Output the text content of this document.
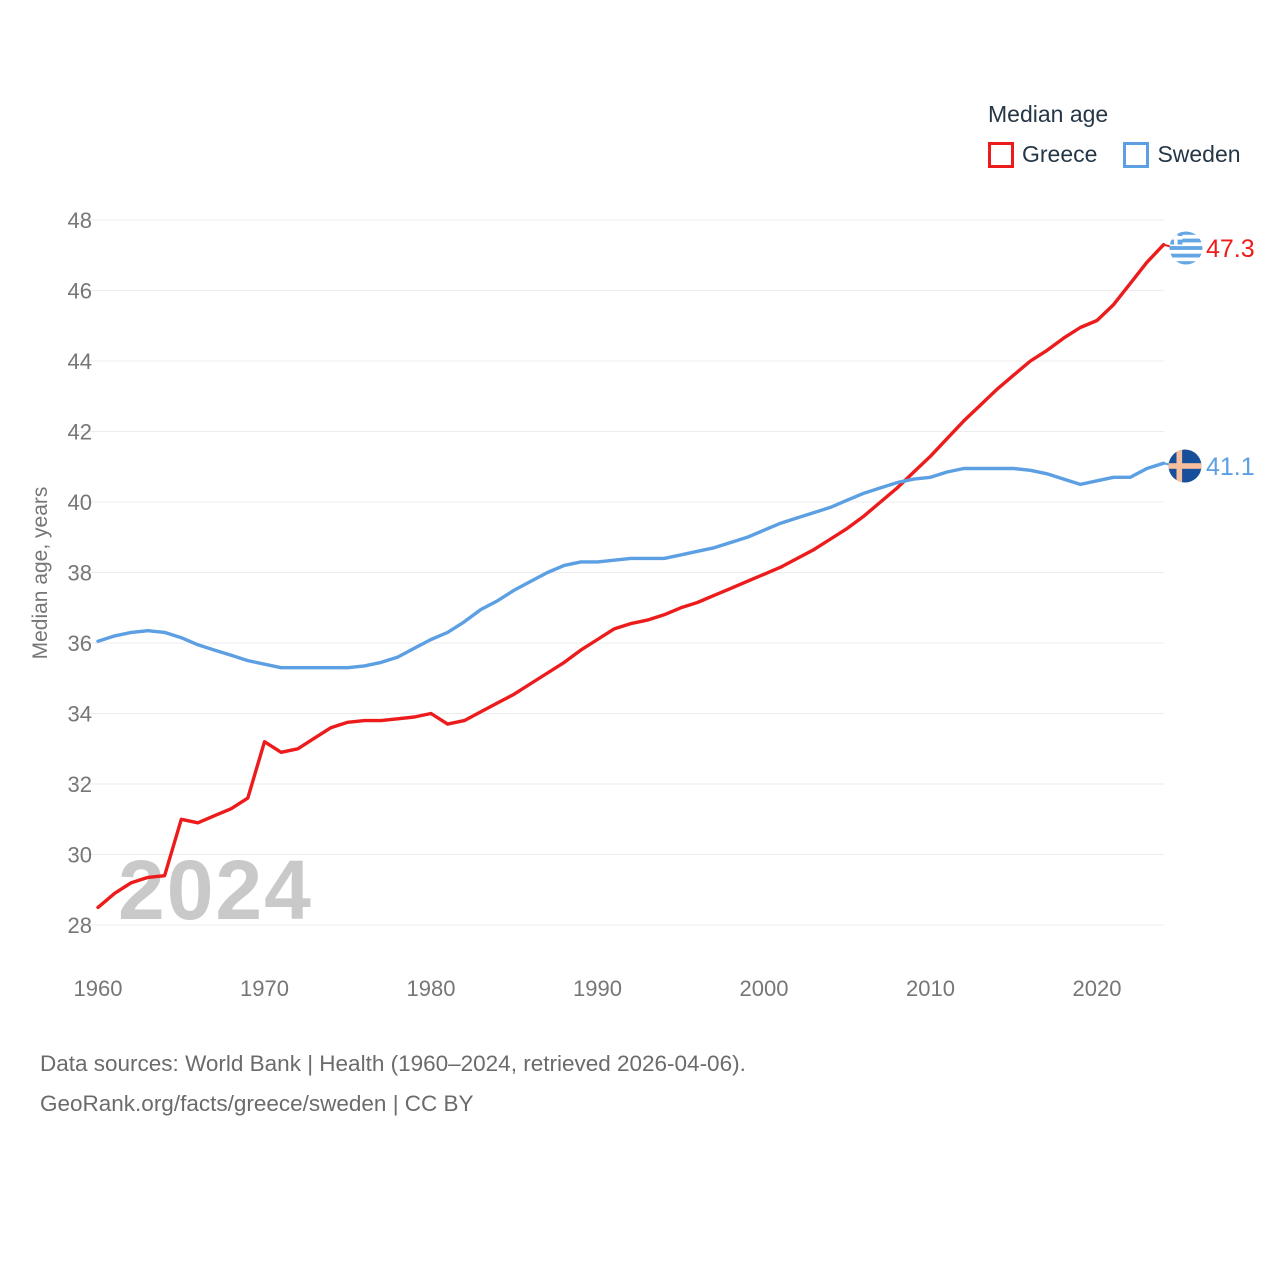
2024
Median age, years
28
30
32
34
36
38
40
42
44
46
48
1960	1970	1980	1990	2000	2010	2020
47.3
41.1
Median age
Greece	Sweden
Data sources: World Bank | Health (1960–2024, retrieved 2026-04-06).
GeoRank.org/facts/greece/sweden | CC BY
